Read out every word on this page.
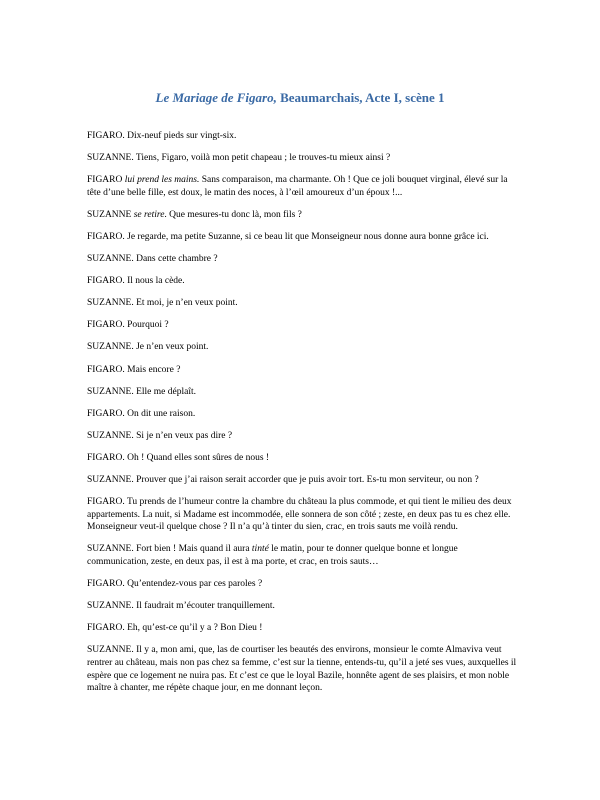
Le Mariage de Figaro, Beaumarchais, Acte I, scène 1

FIGARO. Dix-neuf pieds sur vingt-six.

SUZANNE. Tiens, Figaro, voilà mon petit chapeau ; le trouves-tu mieux ainsi ?

FIGARO lui prend les mains. Sans comparaison, ma charmante. Oh ! Que ce joli bouquet virginal, élevé sur la tête d’une belle fille, est doux, le matin des noces, à l’œil amoureux d’un époux !...

SUZANNE se retire. Que mesures-tu donc là, mon fils ?

FIGARO. Je regarde, ma petite Suzanne, si ce beau lit que Monseigneur nous donne aura bonne grâce ici.

SUZANNE. Dans cette chambre ?

FIGARO. Il nous la cède.

SUZANNE. Et moi, je n’en veux point.

FIGARO. Pourquoi ?

SUZANNE. Je n’en veux point.

FIGARO. Mais encore ?

SUZANNE. Elle me déplaît.

FIGARO. On dit une raison.

SUZANNE. Si je n’en veux pas dire ?

FIGARO. Oh ! Quand elles sont sûres de nous !

SUZANNE. Prouver que j’ai raison serait accorder que je puis avoir tort. Es-tu mon serviteur, ou non ?

FIGARO. Tu prends de l’humeur contre la chambre du château la plus commode, et qui tient le milieu des deux appartements. La nuit, si Madame est incommodée, elle sonnera de son côté ; zeste, en deux pas tu es chez elle. Monseigneur veut-il quelque chose ? Il n’a qu’à tinter du sien, crac, en trois sauts me voilà rendu.

SUZANNE. Fort bien ! Mais quand il aura tinté le matin, pour te donner quelque bonne et longue communication, zeste, en deux pas, il est à ma porte, et crac, en trois sauts…

FIGARO. Qu’entendez-vous par ces paroles ?

SUZANNE. Il faudrait m’écouter tranquillement.

FIGARO. Eh, qu’est-ce qu’il y a ? Bon Dieu !

SUZANNE. Il y a, mon ami, que, las de courtiser les beautés des environs, monsieur le comte Almaviva veut rentrer au château, mais non pas chez sa femme, c’est sur la tienne, entends-tu, qu’il a jeté ses vues, auxquelles il espère que ce logement ne nuira pas. Et c’est ce que le loyal Bazile, honnête agent de ses plaisirs, et mon noble maître à chanter, me répète chaque jour, en me donnant leçon.
